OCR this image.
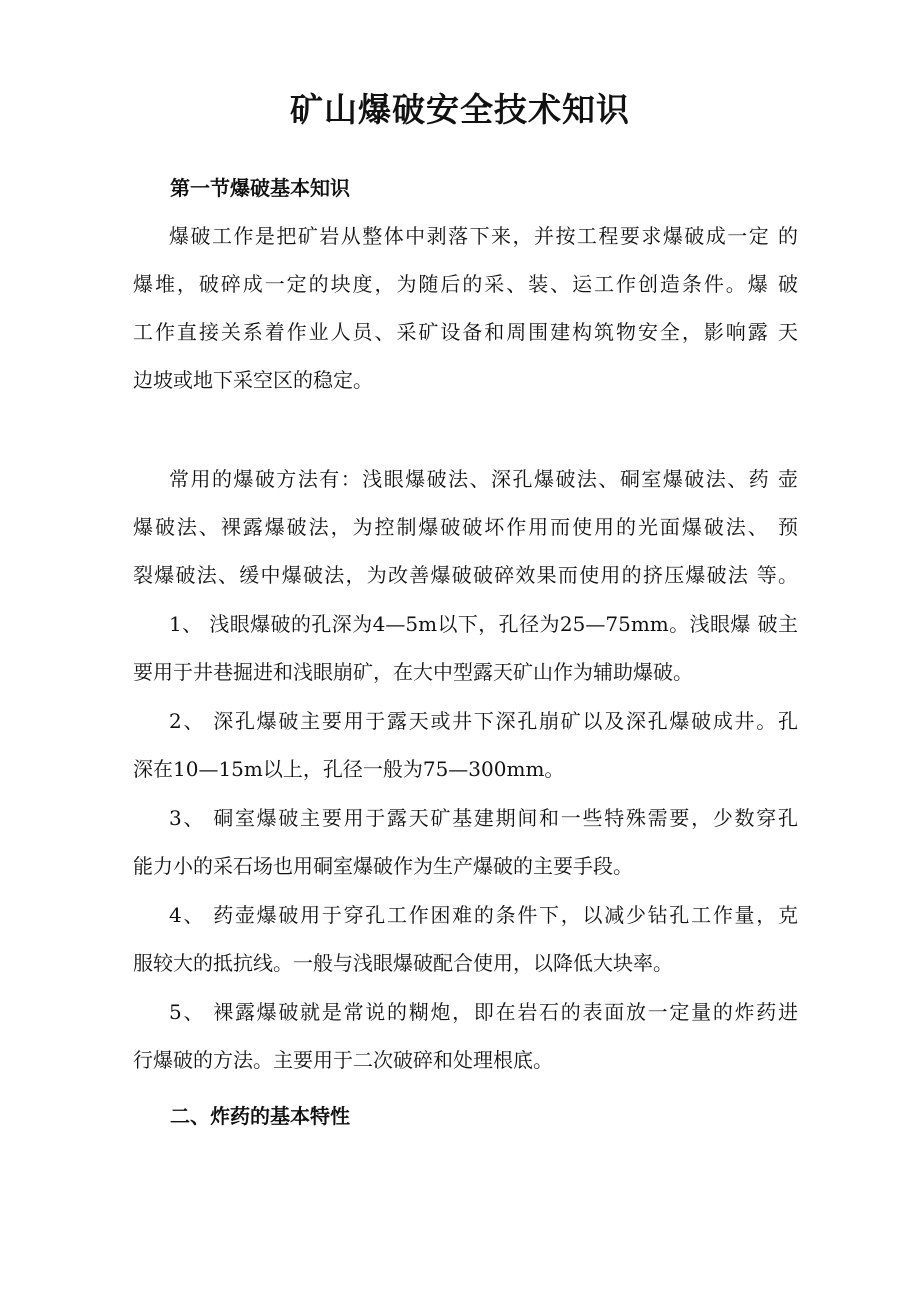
矿山爆破安全技术知识
第一节爆破基本知识
爆破工作是把矿岩从整体中剥落下来，并按工程要求爆破成一定 的
爆堆，破碎成一定的块度，为随后的采、装、运工作创造条件。爆 破
工作直接关系着作业人员、采矿设备和周围建构筑物安全，影响露 天
边坡或地下采空区的稳定。
常用的爆破方法有：浅眼爆破法、深孔爆破法、硐室爆破法、药 壶
爆破法、裸露爆破法，为控制爆破破坏作用而使用的光面爆破法、 预
裂爆破法、缓中爆破法，为改善爆破破碎效果而使用的挤压爆破法 等。
1、 浅眼爆破的孔深为4—5m以下，孔径为25—75mm。浅眼爆 破主
要用于井巷掘进和浅眼崩矿，在大中型露天矿山作为辅助爆破。
2、 深孔爆破主要用于露天或井下深孔崩矿以及深孔爆破成井。孔
深在10—15m以上，孔径一般为75—300mm。
3、 硐室爆破主要用于露天矿基建期间和一些特殊需要，少数穿孔
能力小的采石场也用硐室爆破作为生产爆破的主要手段。
4、 药壶爆破用于穿孔工作困难的条件下，以减少钻孔工作量，克
服较大的抵抗线。一般与浅眼爆破配合使用，以降低大块率。
5、 裸露爆破就是常说的糊炮，即在岩石的表面放一定量的炸药进
行爆破的方法。主要用于二次破碎和处理根底。
二、炸药的基本特性
